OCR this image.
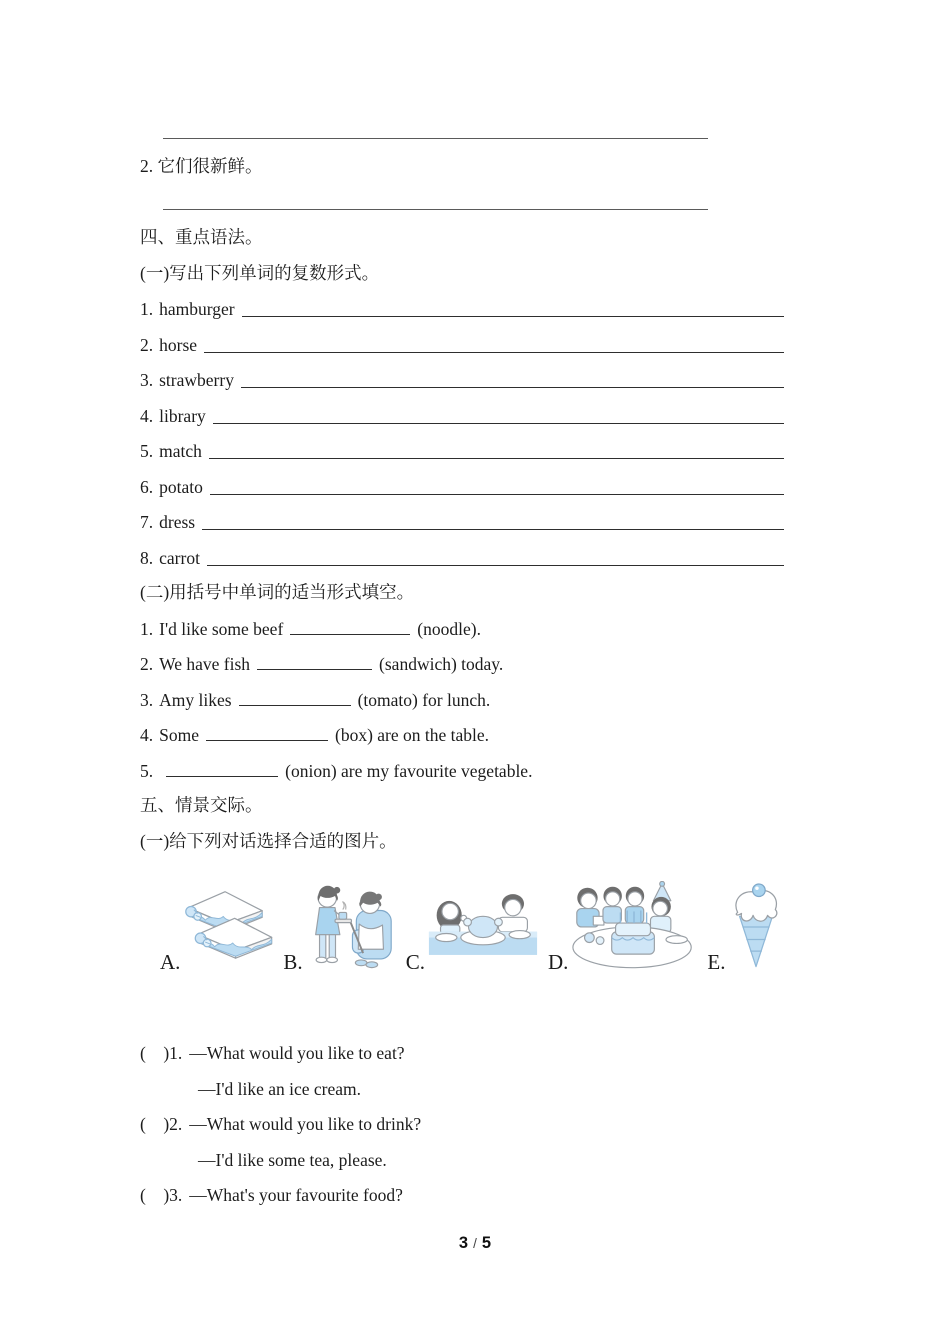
2. 它们很新鲜。
四、重点语法。
(一)写出下列单词的复数形式。
1. hamburger
2. horse
3. strawberry
4. library
5. match
6. potato
7. dress
8. carrot
(二)用括号中单词的适当形式填空。
1. I'd like some beef	(noodle).
2. We have fish	(sandwich) today.
3. Amy likes	(tomato) for lunch.
4. Some	(box) are on the table.
5.	(onion) are my favourite vegetable.
五、情景交际。
(一)给下列对话选择合适的图片。
A.	B.	C.	D.	E.
(    )1. —What would you like to eat?
—I'd like an ice cream.
(    )2. —What would you like to drink?
—I'd like some tea, please.
(    )3. —What's your favourite food?
3 / 5
